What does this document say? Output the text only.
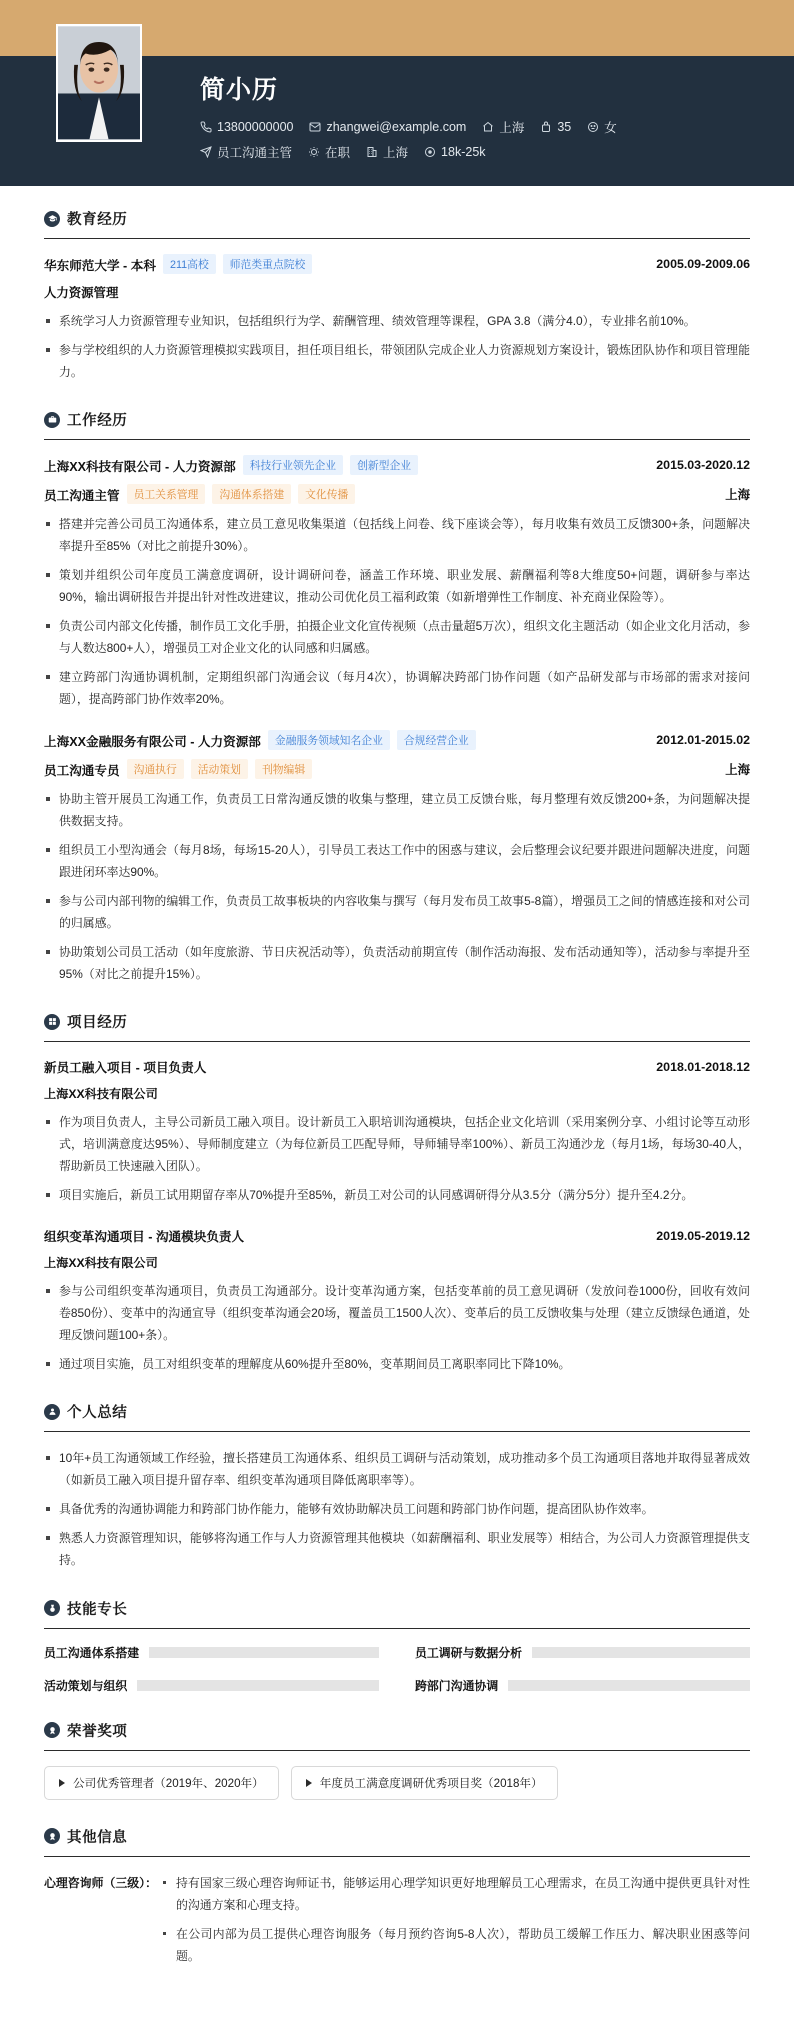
简小历
13800000000	zhangwei@example.com	上海	35	女
员工沟通主管	在职	上海	18k-25k
教育经历
华东师范大学 - 本科	211高校	师范类重点院校	2005.09-2009.06
人力资源管理
系统学习人力资源管理专业知识，包括组织行为学、薪酬管理、绩效管理等课程，GPA 3.8（满分4.0），专业排名前10%。
参与学校组织的人力资源管理模拟实践项目，担任项目组长，带领团队完成企业人力资源规划方案设计，锻炼团队协作和项目管理能力。
工作经历
上海XX科技有限公司 - 人力资源部	科技行业领先企业	创新型企业	2015.03-2020.12
员工沟通主管	员工关系管理	沟通体系搭建	文化传播	上海
搭建并完善公司员工沟通体系，建立员工意见收集渠道（包括线上问卷、线下座谈会等），每月收集有效员工反馈300+条，问题解决率提升至85%（对比之前提升30%）。
策划并组织公司年度员工满意度调研，设计调研问卷，涵盖工作环境、职业发展、薪酬福利等8大维度50+问题，调研参与率达90%，输出调研报告并提出针对性改进建议，推动公司优化员工福利政策（如新增弹性工作制度、补充商业保险等）。
负责公司内部文化传播，制作员工文化手册，拍摄企业文化宣传视频（点击量超5万次），组织文化主题活动（如企业文化月活动，参与人数达800+人），增强员工对企业文化的认同感和归属感。
建立跨部门沟通协调机制，定期组织部门沟通会议（每月4次），协调解决跨部门协作问题（如产品研发部与市场部的需求对接问题），提高跨部门协作效率20%。
上海XX金融服务有限公司 - 人力资源部	金融服务领域知名企业	合规经营企业	2012.01-2015.02
员工沟通专员	沟通执行	活动策划	刊物编辑	上海
协助主管开展员工沟通工作，负责员工日常沟通反馈的收集与整理，建立员工反馈台账，每月整理有效反馈200+条，为问题解决提供数据支持。
组织员工小型沟通会（每月8场，每场15-20人），引导员工表达工作中的困惑与建议，会后整理会议纪要并跟进问题解决进度，问题跟进闭环率达90%。
参与公司内部刊物的编辑工作，负责员工故事板块的内容收集与撰写（每月发布员工故事5-8篇），增强员工之间的情感连接和对公司的归属感。
协助策划公司员工活动（如年度旅游、节日庆祝活动等），负责活动前期宣传（制作活动海报、发布活动通知等），活动参与率提升至95%（对比之前提升15%）。
项目经历
新员工融入项目 - 项目负责人	2018.01-2018.12
上海XX科技有限公司
作为项目负责人，主导公司新员工融入项目。设计新员工入职培训沟通模块，包括企业文化培训（采用案例分享、小组讨论等互动形式，培训满意度达95%）、导师制度建立（为每位新员工匹配导师，导师辅导率100%）、新员工沟通沙龙（每月1场，每场30-40人，帮助新员工快速融入团队）。
项目实施后，新员工试用期留存率从70%提升至85%，新员工对公司的认同感调研得分从3.5分（满分5分）提升至4.2分。
组织变革沟通项目 - 沟通模块负责人	2019.05-2019.12
上海XX科技有限公司
参与公司组织变革沟通项目，负责员工沟通部分。设计变革沟通方案，包括变革前的员工意见调研（发放问卷1000份，回收有效问卷850份）、变革中的沟通宣导（组织变革沟通会20场，覆盖员工1500人次）、变革后的员工反馈收集与处理（建立反馈绿色通道，处理反馈问题100+条）。
通过项目实施，员工对组织变革的理解度从60%提升至80%，变革期间员工离职率同比下降10%。
个人总结
10年+员工沟通领域工作经验，擅长搭建员工沟通体系、组织员工调研与活动策划，成功推动多个员工沟通项目落地并取得显著成效（如新员工融入项目提升留存率、组织变革沟通项目降低离职率等）。
具备优秀的沟通协调能力和跨部门协作能力，能够有效协助解决员工问题和跨部门协作问题，提高团队协作效率。
熟悉人力资源管理知识，能够将沟通工作与人力资源管理其他模块（如薪酬福利、职业发展等）相结合，为公司人力资源管理提供支持。
技能专长
员工沟通体系搭建	员工调研与数据分析
活动策划与组织	跨部门沟通协调
荣誉奖项
公司优秀管理者（2019年、2020年）	年度员工满意度调研优秀项目奖（2018年）
其他信息
心理咨询师（三级）：	持有国家三级心理咨询师证书，能够运用心理学知识更好地理解员工心理需求，在员工沟通中提供更具针对性的沟通方案和心理支持。
在公司内部为员工提供心理咨询服务（每月预约咨询5-8人次），帮助员工缓解工作压力、解决职业困惑等问题。
